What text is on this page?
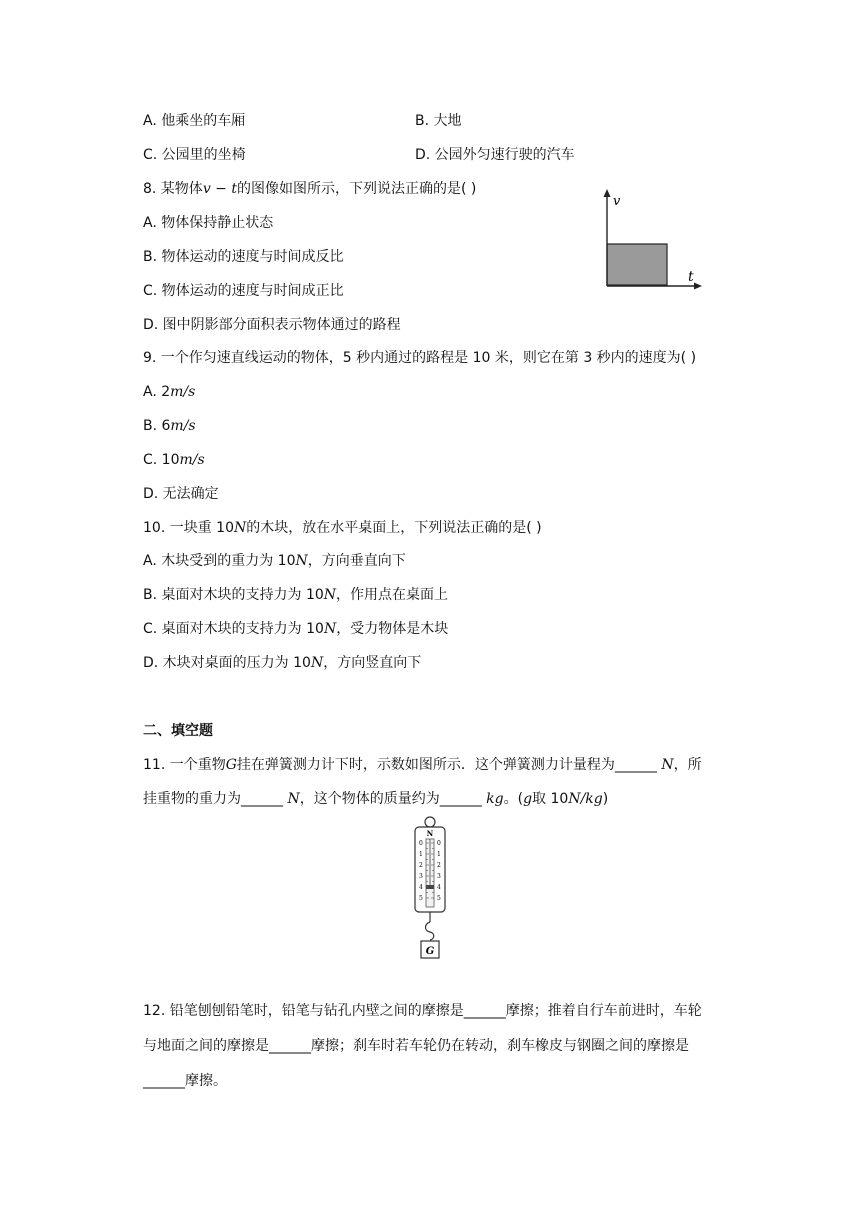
A. 他乘坐的车厢	B. 大地
C. 公园里的坐椅	D. 公园外匀速行驶的汽车
8. 某物体v − t的图像如图所示，下列说法正确的是( )
A. 物体保持静止状态
B. 物体运动的速度与时间成反比
C. 物体运动的速度与时间成正比
D. 图中阴影部分面积表示物体通过的路程
v
t
9. 一个作匀速直线运动的物体，5 秒内通过的路程是 10 米，则它在第 3 秒内的速度为( )
A. 2m/s
B. 6m/s
C. 10m/s
D. 无法确定
10. 一块重 10N的木块，放在水平桌面上，下列说法正确的是( )
A. 木块受到的重力为 10N，方向垂直向下
B. 桌面对木块的支持力为 10N，作用点在桌面上
C. 桌面对木块的支持力为 10N，受力物体是木块
D. 木块对桌面的压力为 10N，方向竖直向下
二、填空题
11. 一个重物G挂在弹簧测力计下时，示数如图所示．这个弹簧测力计量程为______ N，所
挂重物的重力为______ N，这个物体的质量约为______ kg。(g取 10N/kg)
N
0
1
2
3
4
5
0
1
2
3
4
5
G
12. 铅笔刨刨铅笔时，铅笔与钻孔内壁之间的摩擦是______摩擦；推着自行车前进时，车轮
与地面之间的摩擦是______摩擦；刹车时若车轮仍在转动，刹车橡皮与钢圈之间的摩擦是
______摩擦。
